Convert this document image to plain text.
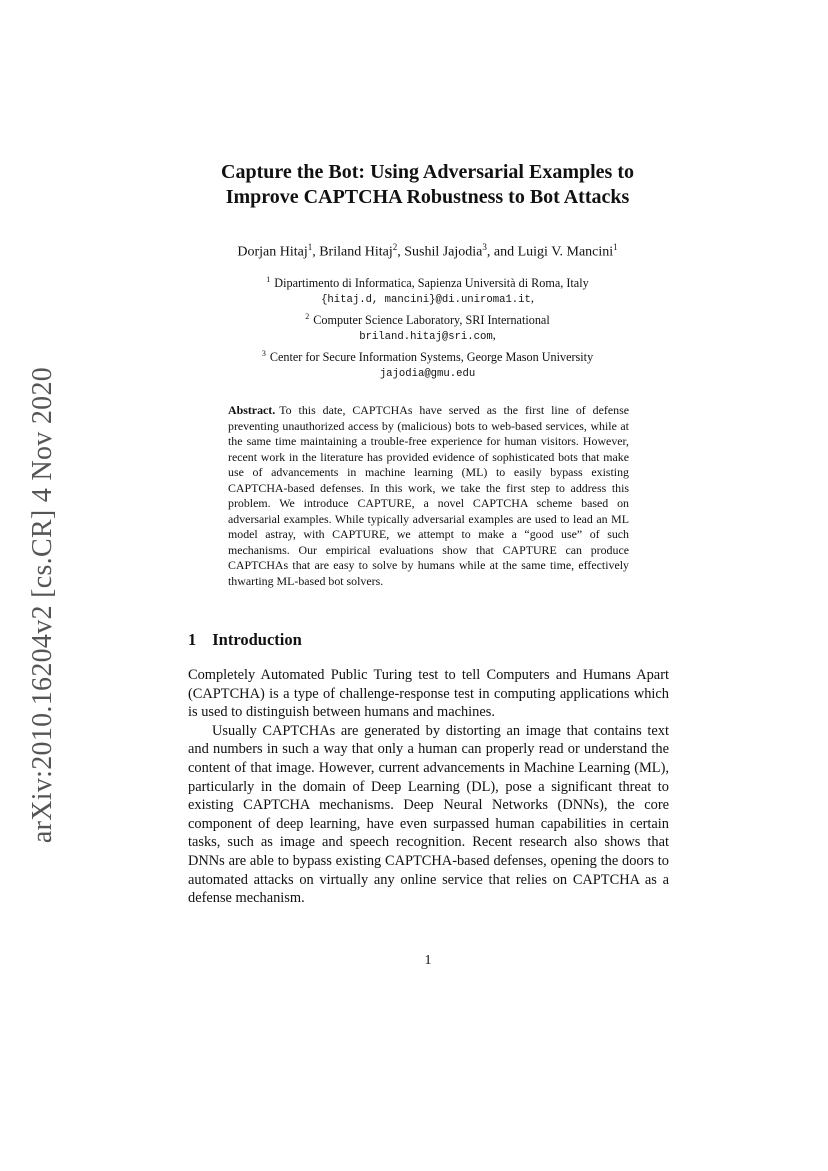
arXiv:2010.16204v2 [cs.CR] 4 Nov 2020
Capture the Bot: Using Adversarial Examples to
Improve CAPTCHA Robustness to Bot Attacks
Dorjan Hitaj$^1$, Briland Hitaj$^2$, Sushil Jajodia$^3$, and Luigi V. Mancini$^1$
$^1$ Dipartimento di Informatica, Sapienza Università di Roma, Italy
{hitaj.d, mancini}@di.uniroma1.it,
$^2$ Computer Science Laboratory, SRI International
briland.hitaj@sri.com,
$^3$ Center for Secure Information Systems, George Mason University
jajodia@gmu.edu

Abstract. To this date, CAPTCHAs have served as the first line of defense preventing unauthorized access by (malicious) bots to web-based services, while at the same time maintaining a trouble-free experience for human visitors. However, recent work in the literature has provided evidence of sophisticated bots that make use of advancements in machine learning (ML) to easily bypass existing CAPTCHA-based defenses. In this work, we take the first step to address this problem. We introduce CAPTURE, a novel CAPTCHA scheme based on adversarial examples. While typically adversarial examples are used to lead an ML model astray, with CAPTURE, we attempt to make a “good use” of such mechanisms. Our empirical evaluations show that CAPTURE can produce CAPTCHAs that are easy to solve by humans while at the same time, effectively thwarting ML-based bot solvers.

1 Introduction

Completely Automated Public Turing test to tell Computers and Humans Apart (CAPTCHA) is a type of challenge-response test in computing applications which is used to distinguish between humans and machines.

Usually CAPTCHAs are generated by distorting an image that contains text and numbers in such a way that only a human can properly read or understand the content of that image. However, current advancements in Machine Learning (ML), particularly in the domain of Deep Learning (DL), pose a significant threat to existing CAPTCHA mechanisms. Deep Neural Networks (DNNs), the core component of deep learning, have even surpassed human capabilities in certain tasks, such as image and speech recognition. Recent research also shows that DNNs are able to bypass existing CAPTCHA-based defenses, opening the doors to automated attacks on virtually any online service that relies on CAPTCHA as a defense mechanism.

1
